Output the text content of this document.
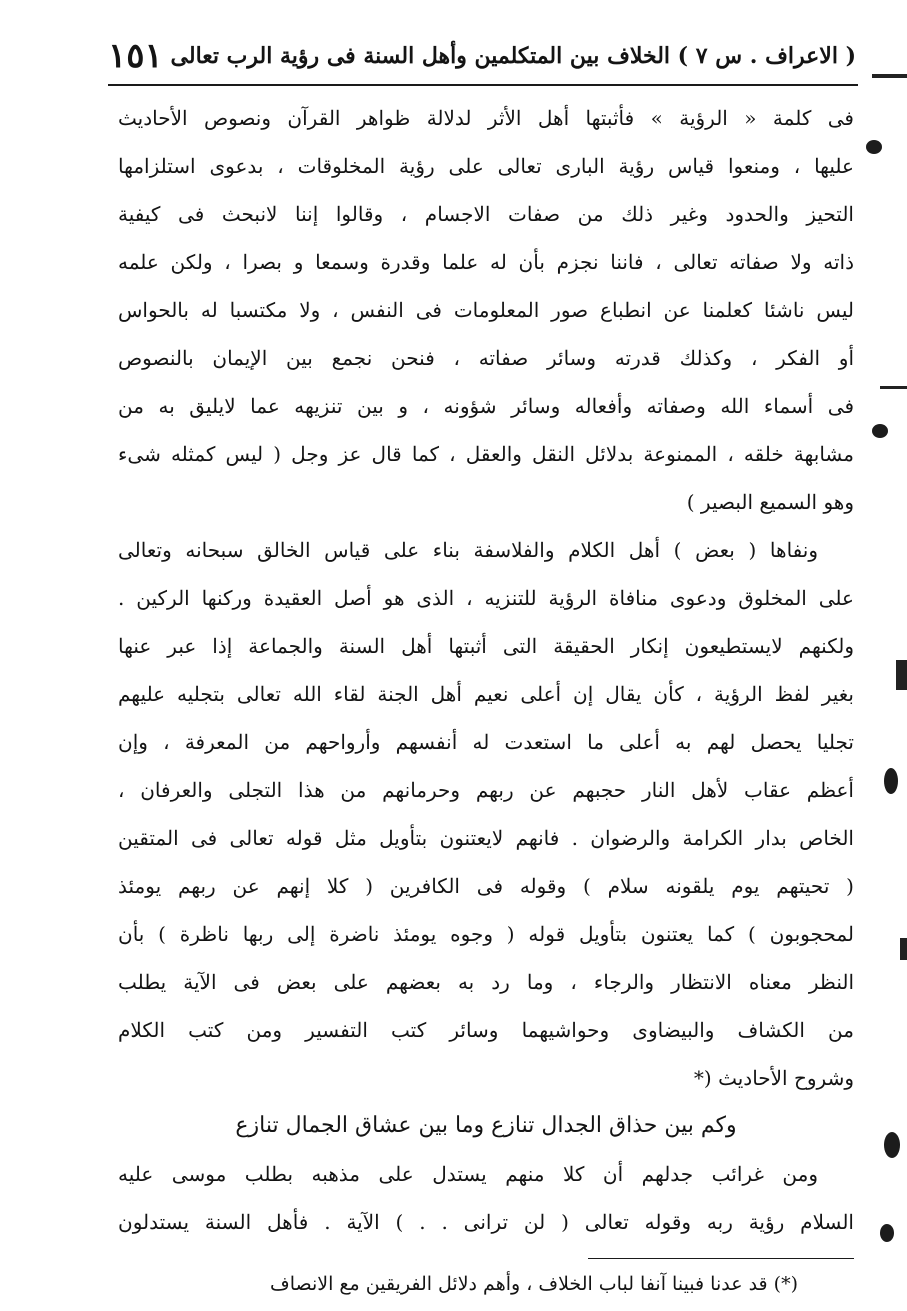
( الاعراف . س ٧ ) الخلاف بين المتكلمين وأهل السنة فى رؤية الرب تعالى
١٥١
فى كلمة « الرؤية » فأثبتها أهل الأثر لدلالة ظواهر القرآن ونصوص الأحاديث
عليها ، ومنعوا قياس رؤية البارى تعالى على رؤية المخلوقات ، بدعوى استلزامها
التحيز والحدود وغير ذلك من صفات الاجسام ، وقالوا إننا لانبحث فى كيفية
ذاته ولا صفاته تعالى ، فاننا نجزم بأن له علما وقدرة وسمعا و بصرا ، ولكن علمه
ليس ناشئا كعلمنا عن انطباع صور المعلومات فى النفس ، ولا مكتسبا له بالحواس
أو الفكر ، وكذلك قدرته وسائر صفاته ، فنحن نجمع بين الإيمان بالنصوص
فى أسماء الله وصفاته وأفعاله وسائر شؤونه ، و بين تنزيهه عما لايليق به من
مشابهة خلقه ، الممنوعة بدلائل النقل والعقل ، كما قال عز وجل ( ليس كمثله شىء
وهو السميع البصير )
ونفاها ( بعض ) أهل الكلام والفلاسفة بناء على قياس الخالق سبحانه وتعالى
على المخلوق ودعوى منافاة الرؤية للتنزيه ، الذى هو أصل العقيدة وركنها الركين .
ولكنهم لايستطيعون إنكار الحقيقة التى أثبتها أهل السنة والجماعة إذا عبر عنها
بغير لفظ الرؤية ، كأن يقال إن أعلى نعيم أهل الجنة لقاء الله تعالى بتجليه عليهم
تجليا يحصل لهم به أعلى ما استعدت له أنفسهم وأرواحهم من المعرفة ، وإن
أعظم عقاب لأهل النار حجبهم عن ربهم وحرمانهم من هذا التجلى والعرفان ،
الخاص بدار الكرامة والرضوان . فانهم لايعتنون بتأويل مثل قوله تعالى فى المتقين
( تحيتهم يوم يلقونه سلام ) وقوله فى الكافرين ( كلا إنهم عن ربهم يومئذ
لمحجوبون ) كما يعتنون بتأويل قوله ( وجوه يومئذ ناضرة إلى ربها ناظرة ) بأن
النظر معناه الانتظار والرجاء ، وما رد به بعضهم على بعض فى الآية يطلب
من الكشاف والبيضاوى وحواشيهما وسائر كتب التفسير ومن كتب الكلام
وشروح الأحاديث (*
وكم بين حذاق الجدال تنازع وما بين عشاق الجمال تنازع
ومن غرائب جدلهم أن كلا منهم يستدل على مذهبه بطلب موسى عليه
السلام رؤية ربه وقوله تعالى ( لن ترانى . . ) الآية . فأهل السنة يستدلون
(*) قد عدنا فبينا آنفا لباب الخلاف ، وأهم دلائل الفريقين مع الانصاف
